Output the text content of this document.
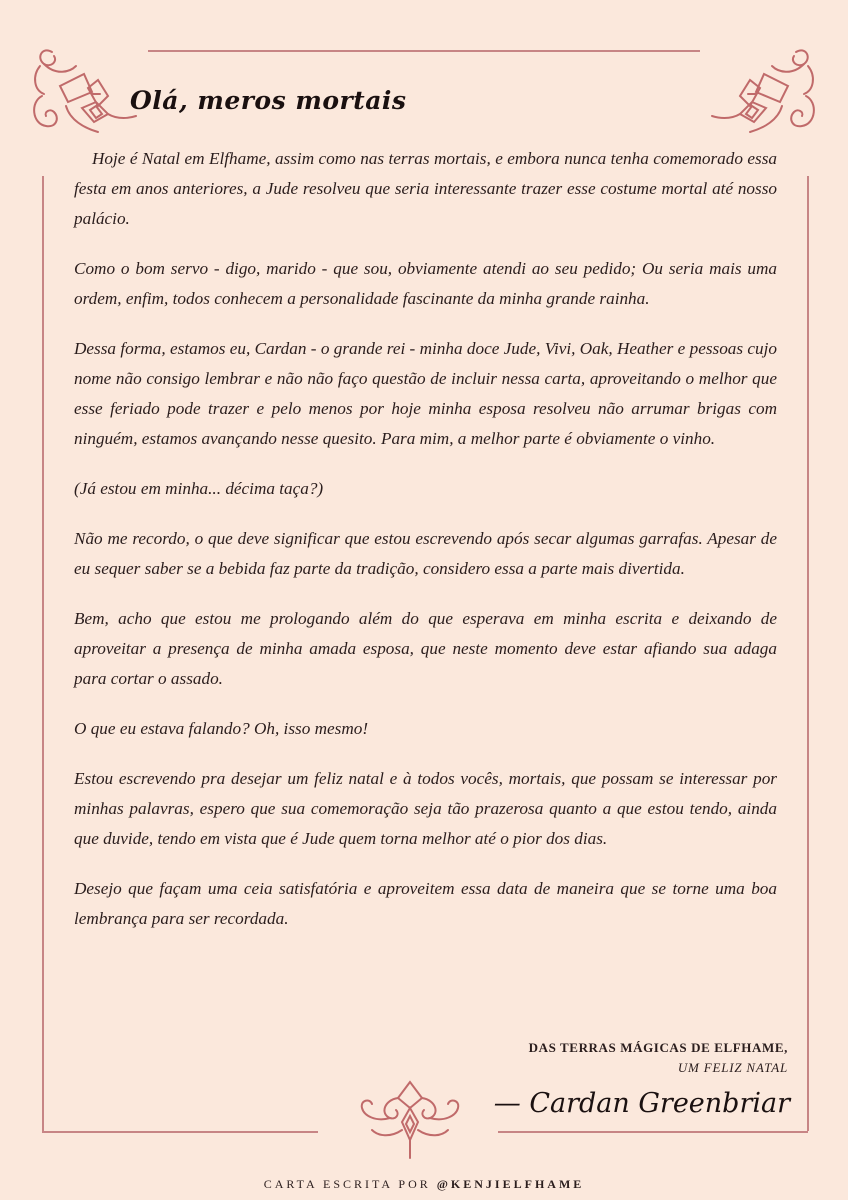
Olá, meros mortais

Hoje é Natal em Elfhame, assim como nas terras mortais, e embora nunca tenha comemorado essa festa em anos anteriores, a Jude resolveu que seria interessante trazer esse costume mortal até nosso palácio.

Como o bom servo - digo, marido - que sou, obviamente atendi ao seu pedido; Ou seria mais uma ordem, enfim, todos conhecem a personalidade fascinante da minha grande rainha.

Dessa forma, estamos eu, Cardan - o grande rei - minha doce Jude, Vivi, Oak, Heather e pessoas cujo nome não consigo lembrar e não não faço questão de incluir nessa carta, aproveitando o melhor que esse feriado pode trazer e pelo menos por hoje minha esposa resolveu não arrumar brigas com ninguém, estamos avançando nesse quesito. Para mim, a melhor parte é obviamente o vinho.

(Já estou em minha... décima taça?)

Não me recordo, o que deve significar que estou escrevendo após secar algumas garrafas. Apesar de eu sequer saber se a bebida faz parte da tradição, considero essa a parte mais divertida.

Bem, acho que estou me prologando além do que esperava em minha escrita e deixando de aproveitar a presença de minha amada esposa, que neste momento deve estar afiando sua adaga para cortar o assado.

O que eu estava falando? Oh, isso mesmo!

Estou escrevendo pra desejar um feliz natal e à todos vocês, mortais, que possam se interessar por minhas palavras, espero que sua comemoração seja tão prazerosa quanto a que estou tendo, ainda que duvide, tendo em vista que é Jude quem torna melhor até o pior dos dias.

Desejo que façam uma ceia satisfatória e aproveitem essa data de maneira que se torne uma boa lembrança para ser recordada.

DAS TERRAS MÁGICAS DE ELFHAME,

UM FELIZ NATAL

— Cardan Greenbriar

CARTA ESCRITA POR @KENJIELFHAME
